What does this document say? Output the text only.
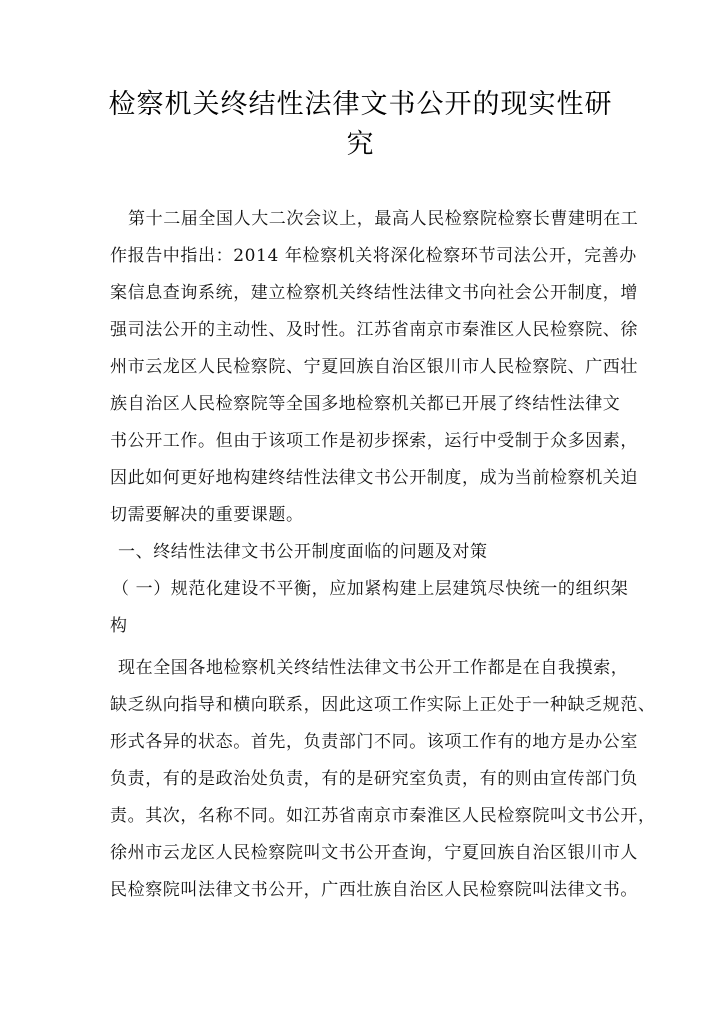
检察机关终结性法律文书公开的现实性研
究
第十二届全国人大二次会议上，最高人民检察院检察长曹建明在工
作报告中指出：2014 年检察机关将深化检察环节司法公开，完善办
案信息查询系统，建立检察机关终结性法律文书向社会公开制度，增
强司法公开的主动性、及时性。江苏省南京市秦淮区人民检察院、徐
州市云龙区人民检察院、宁夏回族自治区银川市人民检察院、广西壮
族自治区人民检察院等全国多地检察机关都已开展了终结性法律文
书公开工作。但由于该项工作是初步探索，运行中受制于众多因素，
因此如何更好地构建终结性法律文书公开制度，成为当前检察机关迫
切需要解决的重要课题。
一、终结性法律文书公开制度面临的问题及对策
（ 一）规范化建设不平衡，应加紧构建上层建筑尽快统一的组织架
构
现在全国各地检察机关终结性法律文书公开工作都是在自我摸索，
缺乏纵向指导和横向联系，因此这项工作实际上正处于一种缺乏规范、
形式各异的状态。首先，负责部门不同。该项工作有的地方是办公室
负责，有的是政治处负责，有的是研究室负责，有的则由宣传部门负
责。其次，名称不同。如江苏省南京市秦淮区人民检察院叫文书公开，
徐州市云龙区人民检察院叫文书公开查询，宁夏回族自治区银川市人
民检察院叫法律文书公开，广西壮族自治区人民检察院叫法律文书。
